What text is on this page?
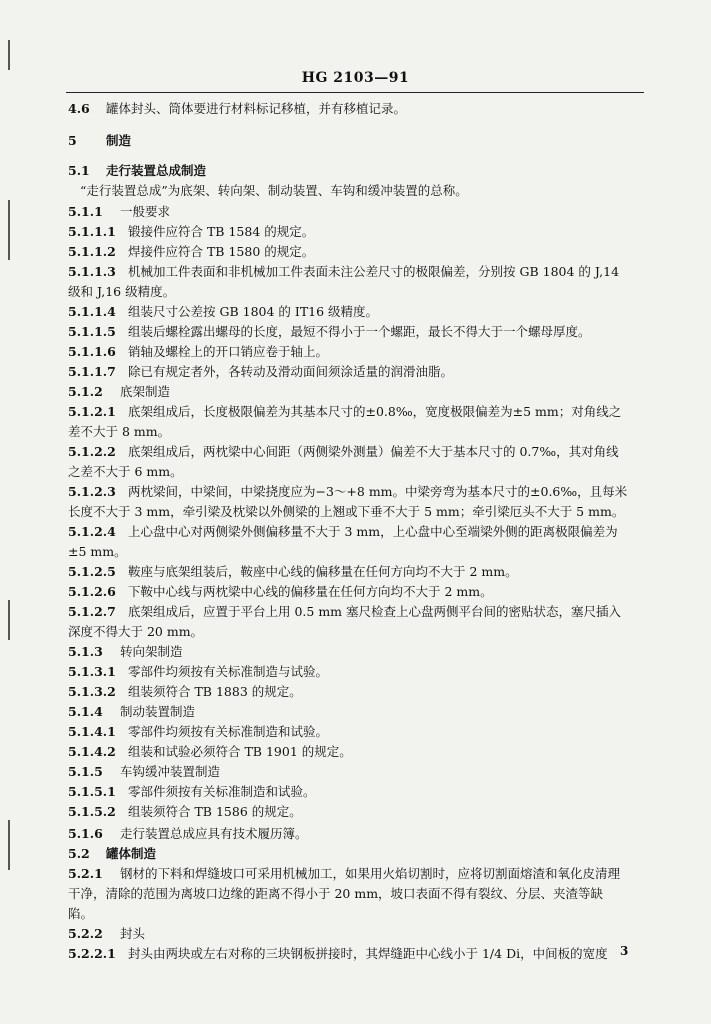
HG 2103—91
4.6 罐体封头、筒体要进行材料标记移植，并有移植记录。
5 制造
5.1 走行装置总成制造
“走行装置总成”为底架、转向架、制动装置、车钩和缓冲装置的总称。
5.1.1 一般要求
5.1.1.1 锻接件应符合 TB 1584 的规定。
5.1.1.2 焊接件应符合 TB 1580 的规定。
5.1.1.3 机械加工件表面和非机械加工件表面未注公差尺寸的极限偏差，分别按 GB 1804 的 J,14
级和 J,16 级精度。
5.1.1.4 组装尺寸公差按 GB 1804 的 IT16 级精度。
5.1.1.5 组装后螺栓露出螺母的长度，最短不得小于一个螺距，最长不得大于一个螺母厚度。
5.1.1.6 销轴及螺栓上的开口销应卷于轴上。
5.1.1.7 除已有规定者外，各转动及滑动面间须涂适量的润滑油脂。
5.1.2 底架制造
5.1.2.1 底架组成后，长度极限偏差为其基本尺寸的±0.8‰，宽度极限偏差为±5 mm；对角线之
差不大于 8 mm。
5.1.2.2 底架组成后，两枕梁中心间距（两侧梁外测量）偏差不大于基本尺寸的 0.7‰，其对角线
之差不大于 6 mm。
5.1.2.3 两枕梁间，中梁间，中梁挠度应为−3～+8 mm。中梁旁弯为基本尺寸的±0.6‰，且每米
长度不大于 3 mm，牵引梁及枕梁以外侧梁的上翘或下垂不大于 5 mm；牵引梁厄头不大于 5 mm。
5.1.2.4 上心盘中心对两侧梁外侧偏移量不大于 3 mm，上心盘中心至端梁外侧的距离极限偏差为
±5 mm。
5.1.2.5 鞍座与底架组装后，鞍座中心线的偏移量在任何方向均不大于 2 mm。
5.1.2.6 下鞍中心线与两枕梁中心线的偏移量在任何方向均不大于 2 mm。
5.1.2.7 底架组成后，应置于平台上用 0.5 mm 塞尺检查上心盘两侧平台间的密贴状态，塞尺插入
深度不得大于 20 mm。
5.1.3 转向架制造
5.1.3.1 零部件均须按有关标准制造与试验。
5.1.3.2 组装须符合 TB 1883 的规定。
5.1.4 制动装置制造
5.1.4.1 零部件均须按有关标准制造和试验。
5.1.4.2 组装和试验必须符合 TB 1901 的规定。
5.1.5 车钩缓冲装置制造
5.1.5.1 零部件须按有关标准制造和试验。
5.1.5.2 组装须符合 TB 1586 的规定。
5.1.6 走行装置总成应具有技术履历簿。
5.2 罐体制造
5.2.1 钢材的下料和焊缝坡口可采用机械加工，如果用火焰切割时，应将切割面熔渣和氧化皮清理
干净，清除的范围为离坡口边缘的距离不得小于 20 mm，坡口表面不得有裂纹、分层、夹渣等缺
陷。
5.2.2 封头
5.2.2.1 封头由两块或左右对称的三块钢板拼接时，其焊缝距中心线小于 1/4 Di，中间板的宽度	3
